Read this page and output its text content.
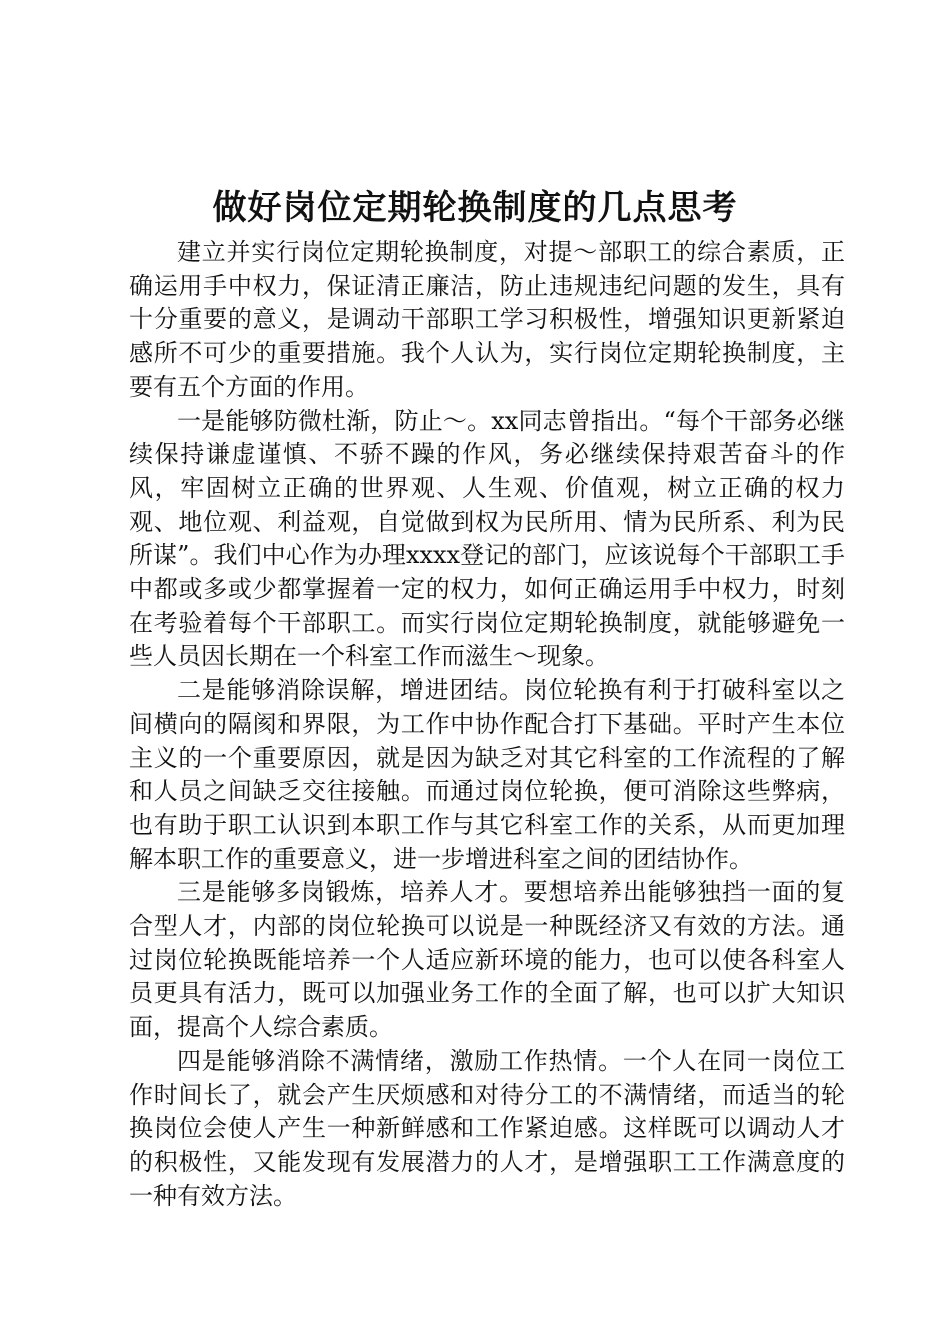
做好岗位定期轮换制度的几点思考

建立并实行岗位定期轮换制度，对提～部职工的综合素质，正确运用手中权力，保证清正廉洁，防止违规违纪问题的发生，具有十分重要的意义，是调动干部职工学习积极性，增强知识更新紧迫感所不可少的重要措施。我个人认为，实行岗位定期轮换制度，主要有五个方面的作用。

一是能够防微杜渐，防止～。xx同志曾指出。“每个干部务必继续保持谦虚谨慎、不骄不躁的作风，务必继续保持艰苦奋斗的作风，牢固树立正确的世界观、人生观、价值观，树立正确的权力观、地位观、利益观，自觉做到权为民所用、情为民所系、利为民所谋”。我们中心作为办理xxxx登记的部门，应该说每个干部职工手中都或多或少都掌握着一定的权力，如何正确运用手中权力，时刻在考验着每个干部职工。而实行岗位定期轮换制度，就能够避免一些人员因长期在一个科室工作而滋生～现象。

二是能够消除误解，增进团结。岗位轮换有利于打破科室以之间横向的隔阂和界限，为工作中协作配合打下基础。平时产生本位主义的一个重要原因，就是因为缺乏对其它科室的工作流程的了解和人员之间缺乏交往接触。而通过岗位轮换，便可消除这些弊病，也有助于职工认识到本职工作与其它科室工作的关系，从而更加理解本职工作的重要意义，进一步增进科室之间的团结协作。

三是能够多岗锻炼，培养人才。要想培养出能够独挡一面的复合型人才，内部的岗位轮换可以说是一种既经济又有效的方法。通过岗位轮换既能培养一个人适应新环境的能力，也可以使各科室人员更具有活力，既可以加强业务工作的全面了解，也可以扩大知识面，提高个人综合素质。

四是能够消除不满情绪，激励工作热情。一个人在同一岗位工作时间长了，就会产生厌烦感和对待分工的不满情绪，而适当的轮换岗位会使人产生一种新鲜感和工作紧迫感。这样既可以调动人才的积极性，又能发现有发展潜力的人才，是增强职工工作满意度的一种有效方法。
